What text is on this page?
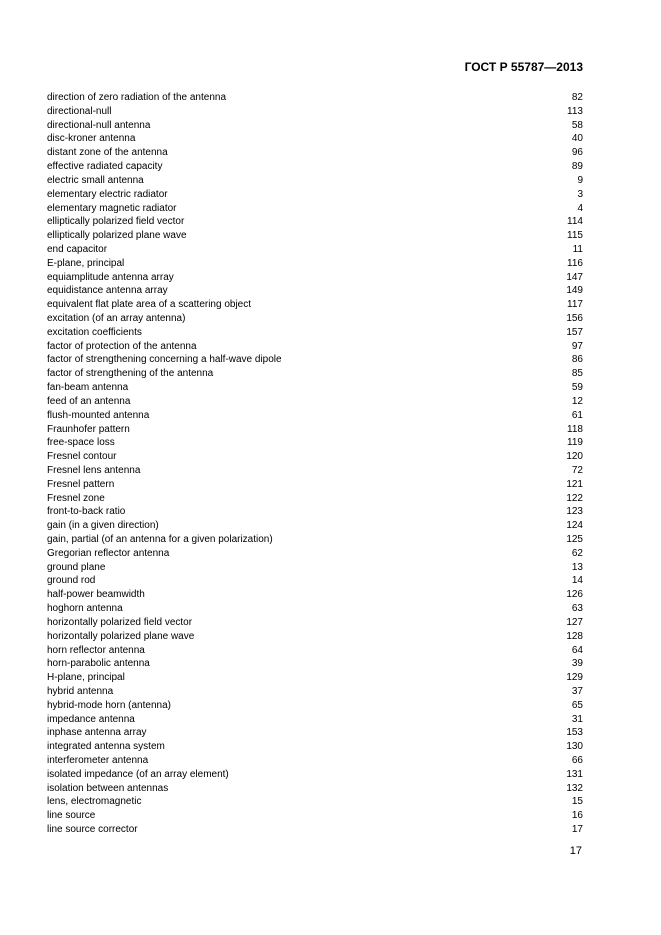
ГОСТ Р 55787—2013
direction of zero radiation of the antenna	82
directional-null	113
directional-null antenna	58
disc-kroner antenna	40
distant zone of the antenna	96
effective radiated capacity	89
electric small antenna	9
elementary electric radiator	3
elementary magnetic radiator	4
elliptically polarized field vector	114
elliptically polarized plane wave	115
end capacitor	11
E-plane, principal	116
equiamplitude antenna array	147
equidistance antenna array	149
equivalent flat plate area of a scattering object	117
excitation (of an array antenna)	156
excitation coefficients	157
factor of protection of the antenna	97
factor of strengthening concerning a half-wave dipole	86
factor of strengthening of the antenna	85
fan-beam antenna	59
feed of an antenna	12
flush-mounted antenna	61
Fraunhofer pattern	118
free-space loss	119
Fresnel contour	120
Fresnel lens antenna	72
Fresnel pattern	121
Fresnel zone	122
front-to-back ratio	123
gain (in a given direction)	124
gain, partial (of an antenna for a given polarization)	125
Gregorian reflector antenna	62
ground plane	13
ground rod	14
half-power beamwidth	126
hoghorn antenna	63
horizontally polarized field vector	127
horizontally polarized plane wave	128
horn reflector antenna	64
horn-parabolic antenna	39
H-plane, principal	129
hybrid antenna	37
hybrid-mode horn (antenna)	65
impedance antenna	31
inphase antenna array	153
integrated antenna system	130
interferometer antenna	66
isolated impedance (of an array element)	131
isolation between antennas	132
lens, electromagnetic	15
line source	16
line source corrector	17
17
